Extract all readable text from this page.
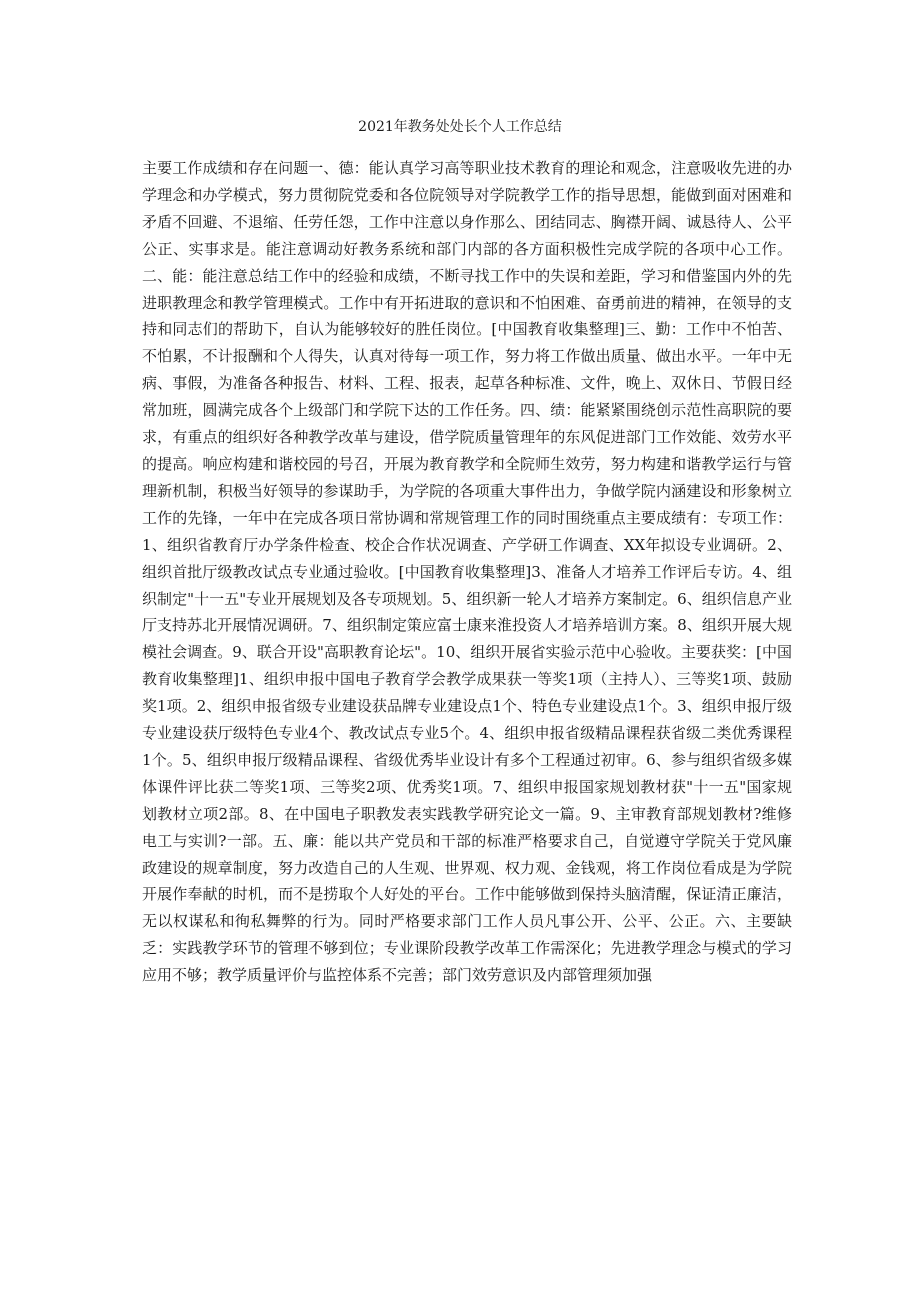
2021年教务处处长个人工作总结
主要工作成绩和存在问题一、德：能认真学习高等职业技术教育的理论和观念，注意吸收先进的办学理念和办学模式，努力贯彻院党委和各位院领导对学院教学工作的指导思想，能做到面对困难和矛盾不回避、不退缩、任劳任怨，工作中注意以身作那么、团结同志、胸襟开阔、诚恳待人、公平公正、实事求是。能注意调动好教务系统和部门内部的各方面积极性完成学院的各项中心工作。二、能：能注意总结工作中的经验和成绩，不断寻找工作中的失误和差距，学习和借鉴国内外的先进职教理念和教学管理模式。工作中有开拓进取的意识和不怕困难、奋勇前进的精神，在领导的支持和同志们的帮助下，自认为能够较好的胜任岗位。[中国教育收集整理]三、勤：工作中不怕苦、不怕累，不计报酬和个人得失，认真对待每一项工作，努力将工作做出质量、做出水平。一年中无病、事假，为准备各种报告、材料、工程、报表，起草各种标准、文件，晚上、双休日、节假日经常加班，圆满完成各个上级部门和学院下达的工作任务。四、绩：能紧紧围绕创示范性高职院的要求，有重点的组织好各种教学改革与建设，借学院质量管理年的东风促进部门工作效能、效劳水平的提高。响应构建和谐校园的号召，开展为教育教学和全院师生效劳，努力构建和谐教学运行与管理新机制，积极当好领导的参谋助手，为学院的各项重大事件出力，争做学院内涵建设和形象树立工作的先锋，一年中在完成各项日常协调和常规管理工作的同时围绕重点主要成绩有：专项工作：1、组织省教育厅办学条件检查、校企合作状况调查、产学研工作调查、XX年拟设专业调研。2、组织首批厅级教改试点专业通过验收。[中国教育收集整理]3、准备人才培养工作评后专访。4、组织制定"十一五"专业开展规划及各专项规划。5、组织新一轮人才培养方案制定。6、组织信息产业厅支持苏北开展情况调研。7、组织制定策应富士康来淮投资人才培养培训方案。8、组织开展大规模社会调查。9、联合开设"高职教育论坛"。10、组织开展省实验示范中心验收。主要获奖：[中国教育收集整理]1、组织申报中国电子教育学会教学成果获一等奖1项（主持人）、三等奖1项、鼓励奖1项。2、组织申报省级专业建设获品牌专业建设点1个、特色专业建设点1个。3、组织申报厅级专业建设获厅级特色专业4个、教改试点专业5个。4、组织申报省级精品课程获省级二类优秀课程1个。5、组织申报厅级精品课程、省级优秀毕业设计有多个工程通过初审。6、参与组织省级多媒体课件评比获二等奖1项、三等奖2项、优秀奖1项。7、组织申报国家规划教材获"十一五"国家规划教材立项2部。8、在中国电子职教发表实践教学研究论文一篇。9、主审教育部规划教材?维修电工与实训?一部。五、廉：能以共产党员和干部的标准严格要求自己，自觉遵守学院关于党风廉政建设的规章制度，努力改造自己的人生观、世界观、权力观、金钱观，将工作岗位看成是为学院开展作奉献的时机，而不是捞取个人好处的平台。工作中能够做到保持头脑清醒，保证清正廉洁，无以权谋私和徇私舞弊的行为。同时严格要求部门工作人员凡事公开、公平、公正。六、主要缺乏：实践教学环节的管理不够到位；专业课阶段教学改革工作需深化；先进教学理念与模式的学习应用不够；教学质量评价与监控体系不完善；部门效劳意识及内部管理须加强
